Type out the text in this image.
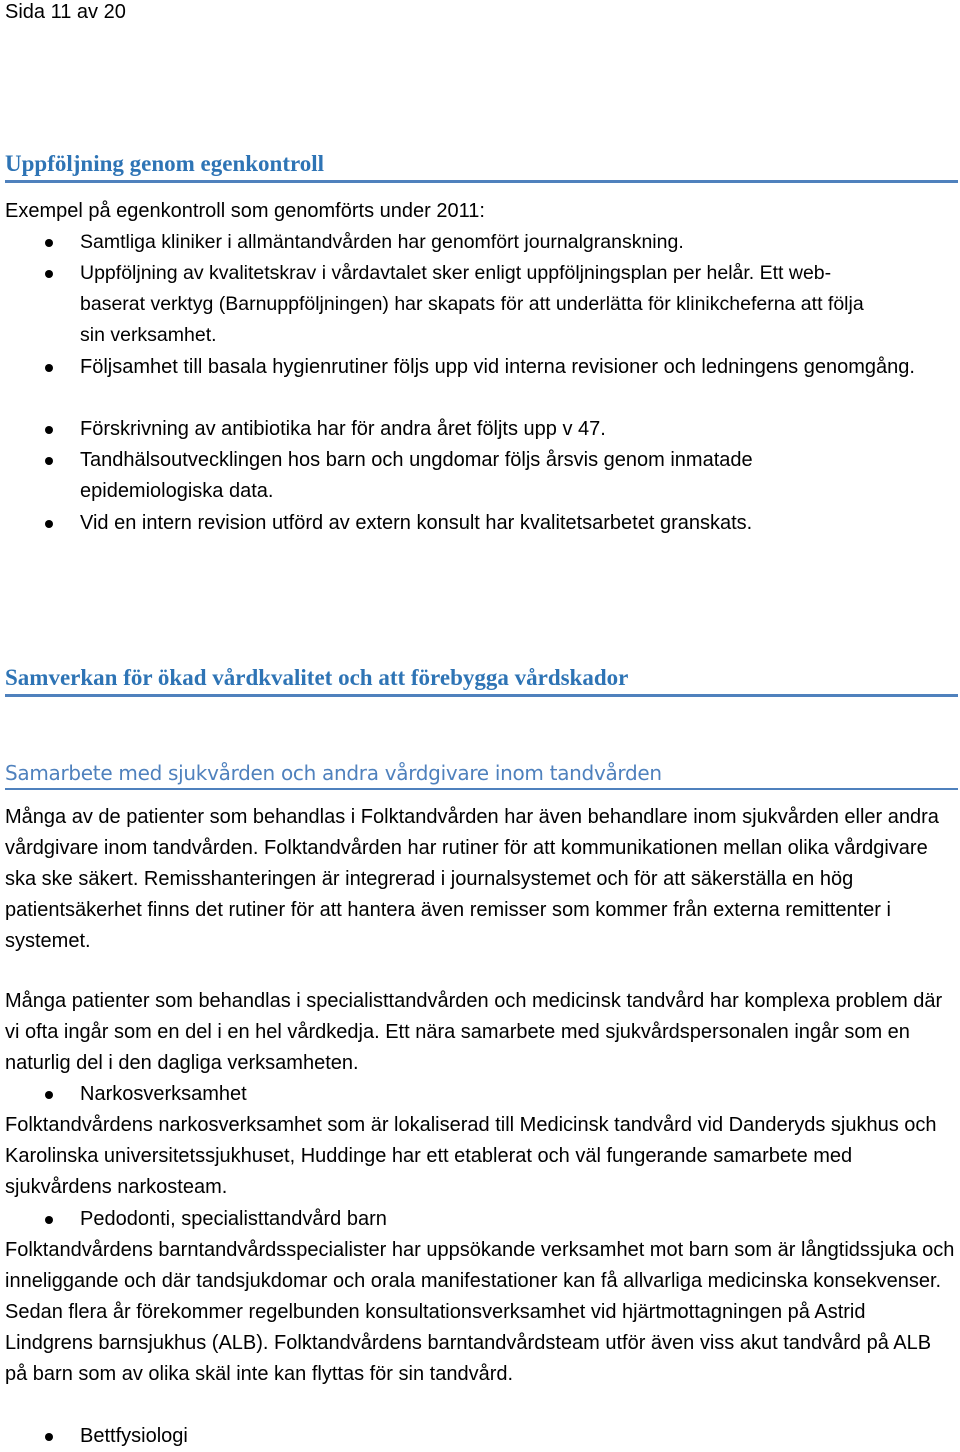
Sida 11 av 20
Uppföljning genom egenkontroll
Exempel på egenkontroll som genomförts under 2011:
Samtliga kliniker i allmäntandvården har genomfört journalgranskning.
Uppföljning av kvalitetskrav i vårdavtalet sker enligt uppföljningsplan per helår. Ett web-baserat verktyg (Barnuppföljningen) har skapats för att underlätta för klinikcheferna att följa sin verksamhet.
Följsamhet till basala hygienrutiner följs upp vid interna revisioner och ledningens genomgång.
Förskrivning av antibiotika har för andra året följts upp v 47.
Tandhälsoutvecklingen hos barn och ungdomar följs årsvis genom inmatade epidemiologiska data.
Vid en intern revision utförd av extern konsult har kvalitetsarbetet granskats.
Samverkan för ökad vårdkvalitet och att förebygga vårdskador
Samarbete med sjukvården och andra vårdgivare inom tandvården
Många av de patienter som behandlas i Folktandvården har även behandlare inom sjukvården eller andra vårdgivare inom tandvården. Folktandvården har rutiner för att kommunikationen mellan olika vårdgivare ska ske säkert. Remisshanteringen är integrerad i journalsystemet och för att säkerställa en hög patientsäkerhet finns det rutiner för att hantera även remisser som kommer från externa remittenter i systemet.
Många patienter som behandlas i specialisttandvården och medicinsk tandvård har komplexa problem där vi ofta ingår som en del i en hel vårdkedja. Ett nära samarbete med sjukvårdspersonalen ingår som en naturlig del i den dagliga verksamheten.
Narkosverksamhet
Folktandvårdens narkosverksamhet som är lokaliserad till Medicinsk tandvård vid Danderyds sjukhus och Karolinska universitetssjukhuset, Huddinge har ett etablerat och väl fungerande samarbete med sjukvårdens narkosteam.
Pedodonti, specialisttandvård barn
Folktandvårdens barntandvårdsspecialister har uppsökande verksamhet mot barn som är långtidssjuka och inneliggande och där tandsjukdomar och orala manifestationer kan få allvarliga medicinska konsekvenser. Sedan flera år förekommer regelbunden konsultationsverksamhet vid hjärtmottagningen på Astrid Lindgrens barnsjukhus (ALB). Folktandvårdens barntandvårdsteam utför även viss akut tandvård på ALB på barn som av olika skäl inte kan flyttas för sin tandvård.
Bettfysiologi
